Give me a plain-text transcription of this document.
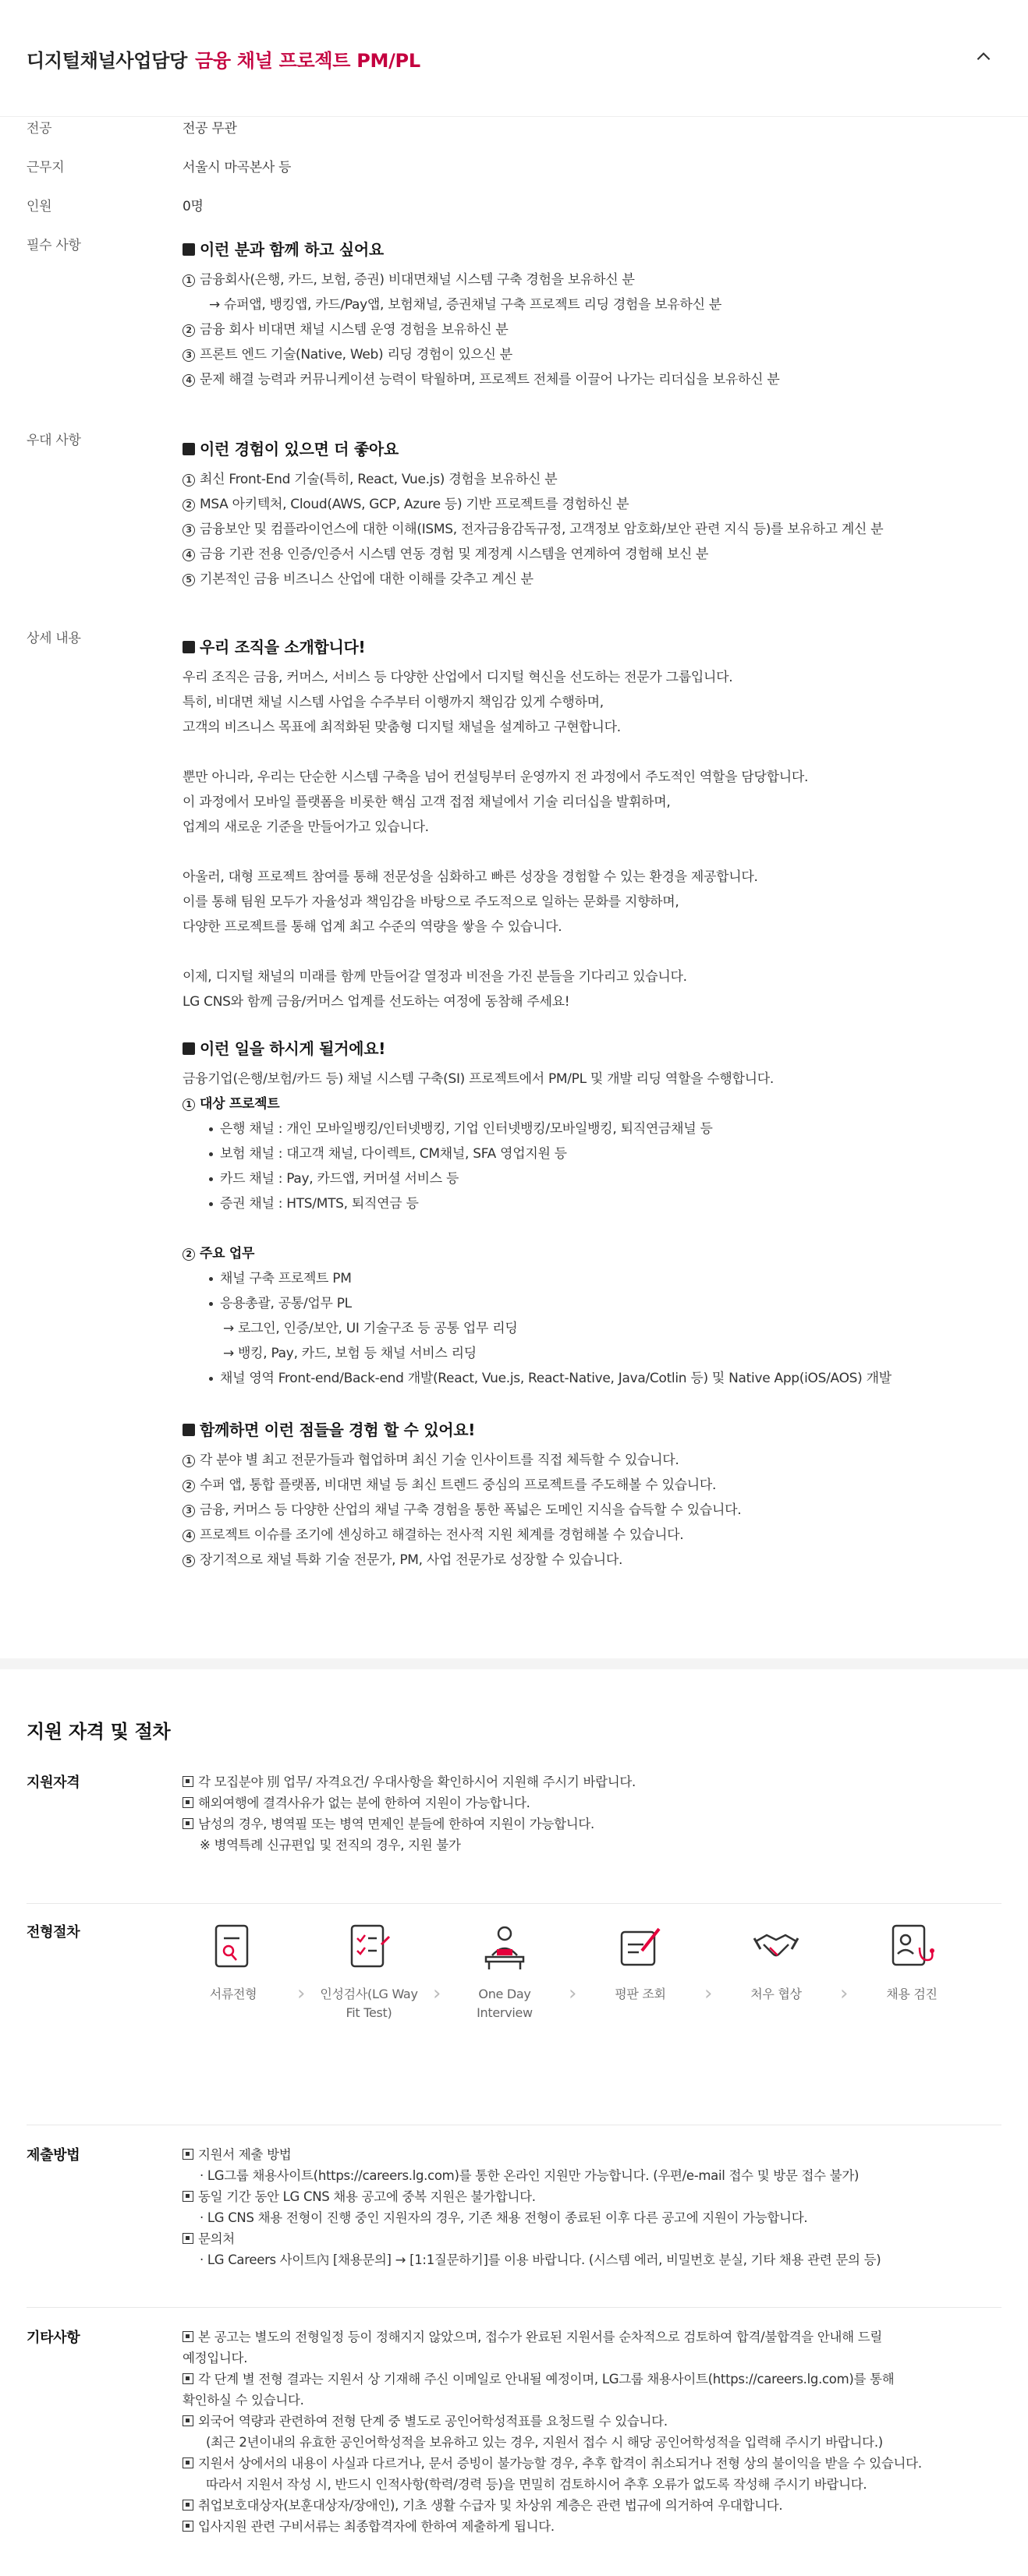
디지털채널사업담당 금융 채널 프로젝트 PM/PL
전공	전공 무관
근무지	서울시 마곡본사 등
인원	0명
필수 사항	이런 분과 함께 하고 싶어요
1 금융회사(은행, 카드, 보험, 증권) 비대면채널 시스템 구축 경험을 보유하신 분
→ 슈퍼앱, 뱅킹앱, 카드/Pay앱, 보험채널, 증권채널 구축 프로젝트 리딩 경험을 보유하신 분
2 금융 회사 비대면 채널 시스템 운영 경험을 보유하신 분
3 프론트 엔드 기술(Native, Web) 리딩 경험이 있으신 분
4 문제 해결 능력과 커뮤니케이션 능력이 탁월하며, 프로젝트 전체를 이끌어 나가는 리더십을 보유하신 분
우대 사항	이런 경험이 있으면 더 좋아요
1 최신 Front-End 기술(특히, React, Vue.js) 경험을 보유하신 분
2 MSA 아키텍처, Cloud(AWS, GCP, Azure 등) 기반 프로젝트를 경험하신 분
3 금융보안 및 컴플라이언스에 대한 이해(ISMS, 전자금융감독규정, 고객정보 암호화/보안 관련 지식 등)를 보유하고 계신 분
4 금융 기관 전용 인증/인증서 시스템 연동 경험 및 계정계 시스템을 연계하여 경험해 보신 분
5 기본적인 금융 비즈니스 산업에 대한 이해를 갖추고 계신 분
상세 내용	우리 조직을 소개합니다!
우리 조직은 금융, 커머스, 서비스 등 다양한 산업에서 디지털 혁신을 선도하는 전문가 그룹입니다.
특히, 비대면 채널 시스템 사업을 수주부터 이행까지 책임감 있게 수행하며,
고객의 비즈니스 목표에 최적화된 맞춤형 디지털 채널을 설계하고 구현합니다.
뿐만 아니라, 우리는 단순한 시스템 구축을 넘어 컨설팅부터 운영까지 전 과정에서 주도적인 역할을 담당합니다.
이 과정에서 모바일 플랫폼을 비롯한 핵심 고객 접점 채널에서 기술 리더십을 발휘하며,
업계의 새로운 기준을 만들어가고 있습니다.
아울러, 대형 프로젝트 참여를 통해 전문성을 심화하고 빠른 성장을 경험할 수 있는 환경을 제공합니다.
이를 통해 팀원 모두가 자율성과 책임감을 바탕으로 주도적으로 일하는 문화를 지향하며,
다양한 프로젝트를 통해 업계 최고 수준의 역량을 쌓을 수 있습니다.
이제, 디지털 채널의 미래를 함께 만들어갈 열정과 비전을 가진 분들을 기다리고 있습니다.
LG CNS와 함께 금융/커머스 업계를 선도하는 여정에 동참해 주세요!
이런 일을 하시게 될거에요!
금융기업(은행/보험/카드 등) 채널 시스템 구축(SI) 프로젝트에서 PM/PL 및 개발 리딩 역할을 수행합니다.
1 대상 프로젝트
은행 채널 : 개인 모바일뱅킹/인터넷뱅킹, 기업 인터넷뱅킹/모바일뱅킹, 퇴직연금채널 등
보험 채널 : 대고객 채널, 다이렉트, CM채널, SFA 영업지원 등
카드 채널 : Pay, 카드앱, 커머셜 서비스 등
증권 채널 : HTS/MTS, 퇴직연금 등
2 주요 업무
채널 구축 프로젝트 PM
응용총괄, 공통/업무 PL
→ 로그인, 인증/보안, UI 기술구조 등 공통 업무 리딩
→ 뱅킹, Pay, 카드, 보험 등 채널 서비스 리딩
채널 영역 Front-end/Back-end 개발(React, Vue.js, React-Native, Java/Cotlin 등) 및 Native App(iOS/AOS) 개발
함께하면 이런 점들을 경험 할 수 있어요!
1 각 분야 별 최고 전문가들과 협업하며 최신 기술 인사이트를 직접 체득할 수 있습니다.
2 수퍼 앱, 통합 플랫폼, 비대면 채널 등 최신 트렌드 중심의 프로젝트를 주도해볼 수 있습니다.
3 금융, 커머스 등 다양한 산업의 채널 구축 경험을 통한 폭넓은 도메인 지식을 습득할 수 있습니다.
4 프로젝트 이슈를 조기에 센싱하고 해결하는 전사적 지원 체계를 경험해볼 수 있습니다.
5 장기적으로 채널 특화 기술 전문가, PM, 사업 전문가로 성장할 수 있습니다.
지원 자격 및 절차
지원자격	각 모집분야 別 업무/ 자격요건/ 우대사항을 확인하시어 지원해 주시기 바랍니다.
해외여행에 결격사유가 없는 분에 한하여 지원이 가능합니다.
남성의 경우, 병역필 또는 병역 면제인 분들에 한하여 지원이 가능합니다.
※ 병역특례 신규편입 및 전직의 경우, 지원 불가
전형절차
서류전형	›	인성검사(LG Way
Fit Test)
›	One Day
Interview
›	평판 조회	›	처우 협상	›	채용 검진
제출방법	지원서 제출 방법
· LG그룹 채용사이트(https://careers.lg.com)를 통한 온라인 지원만 가능합니다. (우편/e-mail 접수 및 방문 접수 불가)
동일 기간 동안 LG CNS 채용 공고에 중복 지원은 불가합니다.
· LG CNS 채용 전형이 진행 중인 지원자의 경우, 기존 채용 전형이 종료된 이후 다른 공고에 지원이 가능합니다.
문의처
· LG Careers 사이트內 [채용문의] → [1:1질문하기]를 이용 바랍니다. (시스템 에러, 비밀번호 분실, 기타 채용 관련 문의 등)
기타사항	본 공고는 별도의 전형일정 등이 정해지지 않았으며, 접수가 완료된 지원서를 순차적으로 검토하여 합격/불합격을 안내해 드릴
예정입니다.
각 단계 별 전형 결과는 지원서 상 기재해 주신 이메일로 안내될 예정이며, LG그룹 채용사이트(https://careers.lg.com)를 통해
확인하실 수 있습니다.
외국어 역량과 관련하여 전형 단계 중 별도로 공인어학성적표를 요청드릴 수 있습니다.
(최근 2년이내의 유효한 공인어학성적을 보유하고 있는 경우, 지원서 접수 시 해당 공인어학성적을 입력해 주시기 바랍니다.)
지원서 상에서의 내용이 사실과 다르거나, 문서 증빙이 불가능할 경우, 추후 합격이 취소되거나 전형 상의 불이익을 받을 수 있습니다.
따라서 지원서 작성 시, 반드시 인적사항(학력/경력 등)을 면밀히 검토하시어 추후 오류가 없도록 작성해 주시기 바랍니다.
취업보호대상자(보훈대상자/장애인), 기초 생활 수급자 및 차상위 계층은 관련 법규에 의거하여 우대합니다.
입사지원 관련 구비서류는 최종합격자에 한하여 제출하게 됩니다.
